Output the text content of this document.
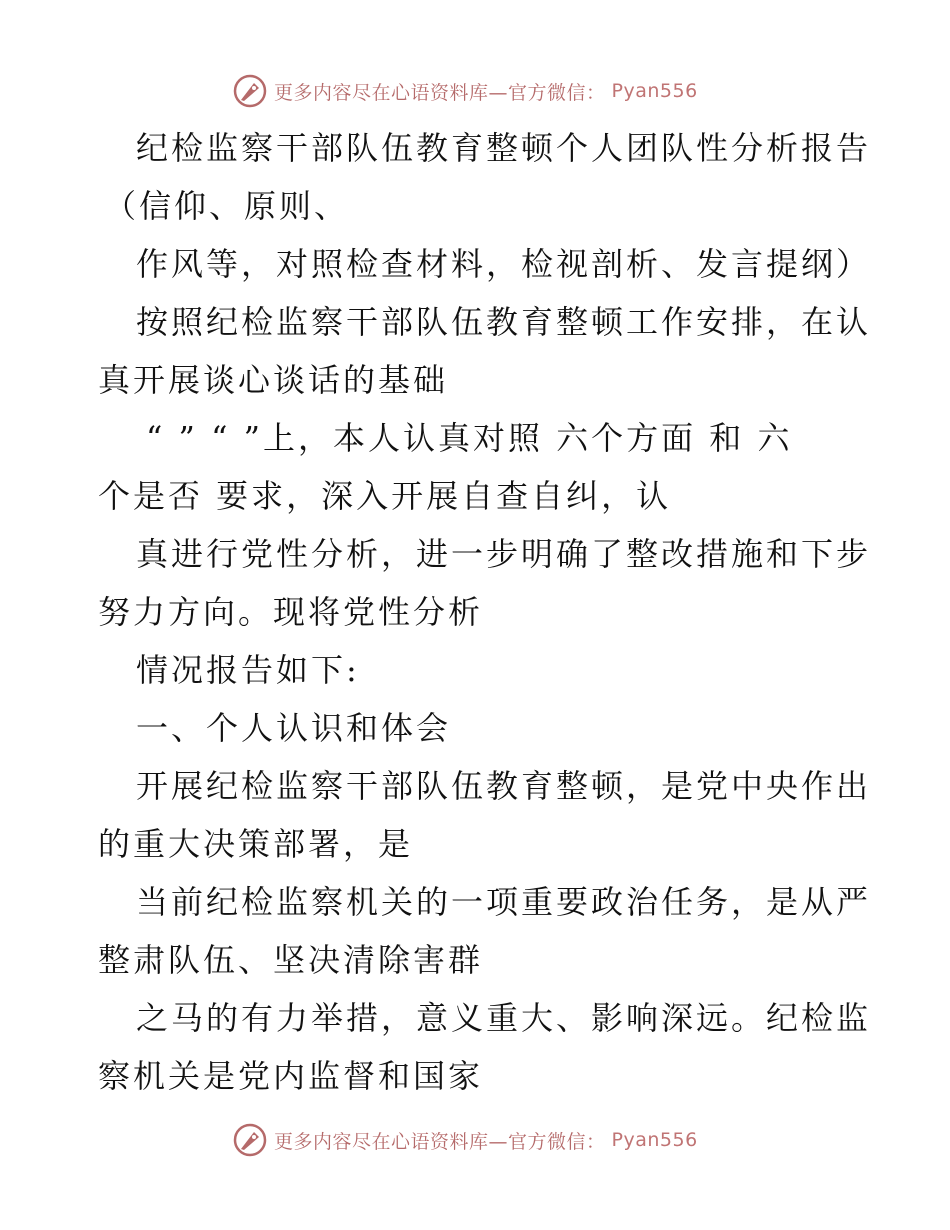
更多内容尽在心语资料库—官方微信： Pyan556
纪检监察干部队伍教育整顿个人团队性分析报告
（信仰、原则、
作风等，对照检查材料，检视剖析、发言提纲）
按照纪检监察干部队伍教育整顿工作安排，在认
真开展谈心谈话的基础
“ ” “ ”上，本人认真对照 六个方面 和 六
个是否 要求，深入开展自查自纠，认
真进行党性分析，进一步明确了整改措施和下步
努力方向。现将党性分析
情况报告如下:
一、个人认识和体会
开展纪检监察干部队伍教育整顿，是党中央作出
的重大决策部署，是
当前纪检监察机关的一项重要政治任务，是从严
整肃队伍、坚决清除害群
之马的有力举措，意义重大、影响深远。纪检监
察机关是党内监督和国家
更多内容尽在心语资料库—官方微信： Pyan556
